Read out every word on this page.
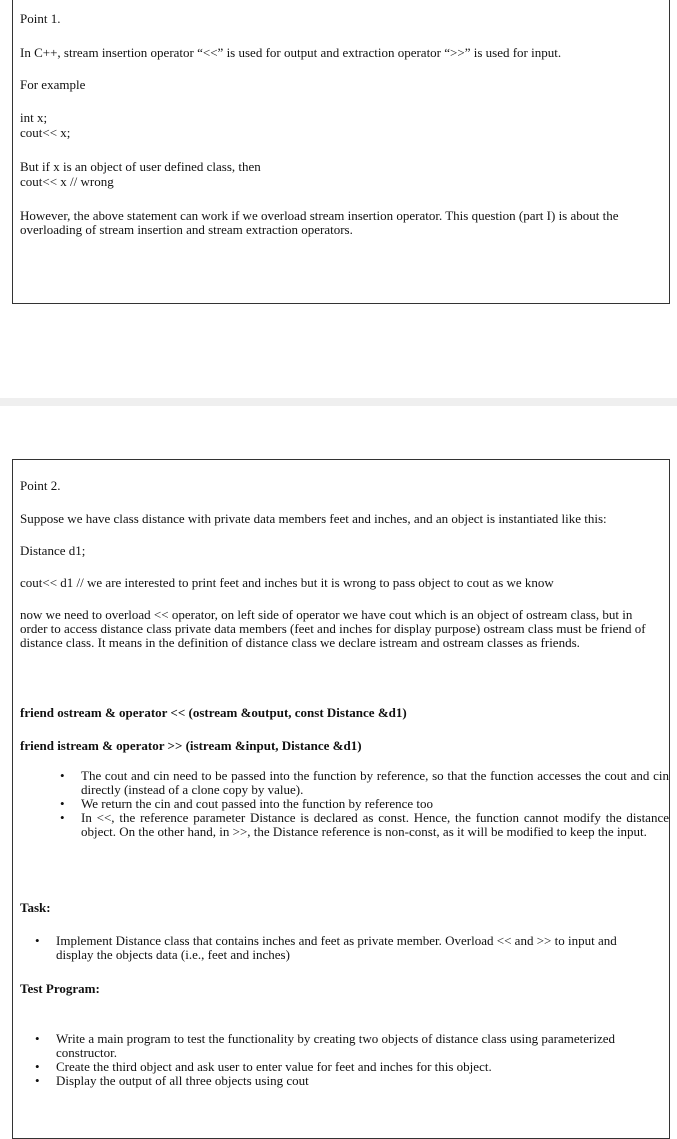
Point 1.
In C++, stream insertion operator “<<” is used for output and extraction operator “>>” is used for input.
For example
int x;
cout<< x;
But if x is an object of user defined class, then
cout<< x // wrong
However, the above statement can work if we overload stream insertion operator. This question (part I) is about the overloading of stream insertion and stream extraction operators.
Point 2.
Suppose we have class distance with private data members feet and inches, and an object is instantiated like this:
Distance d1;
cout<< d1 // we are interested to print feet and inches but it is wrong to pass object to cout as we know
now we need to overload << operator, on left side of operator we have cout which is an object of ostream class, but in order to access distance class private data members (feet and inches for display purpose) ostream class must be friend of distance class. It means in the definition of distance class we declare istream and ostream classes as friends.
friend ostream & operator << (ostream &output, const Distance &d1)
friend istream & operator >> (istream &input, Distance &d1)
• The cout and cin need to be passed into the function by reference, so that the function accesses the cout and cin directly (instead of a clone copy by value).
• We return the cin and cout passed into the function by reference too
• In <<, the reference parameter Distance is declared as const. Hence, the function cannot modify the distance object. On the other hand, in >>, the Distance reference is non-const, as it will be modified to keep the input.
Task:
• Implement Distance class that contains inches and feet as private member. Overload << and >> to input and display the objects data (i.e., feet and inches)
Test Program:
• Write a main program to test the functionality by creating two objects of distance class using parameterized constructor.
• Create the third object and ask user to enter value for feet and inches for this object.
• Display the output of all three objects using cout
